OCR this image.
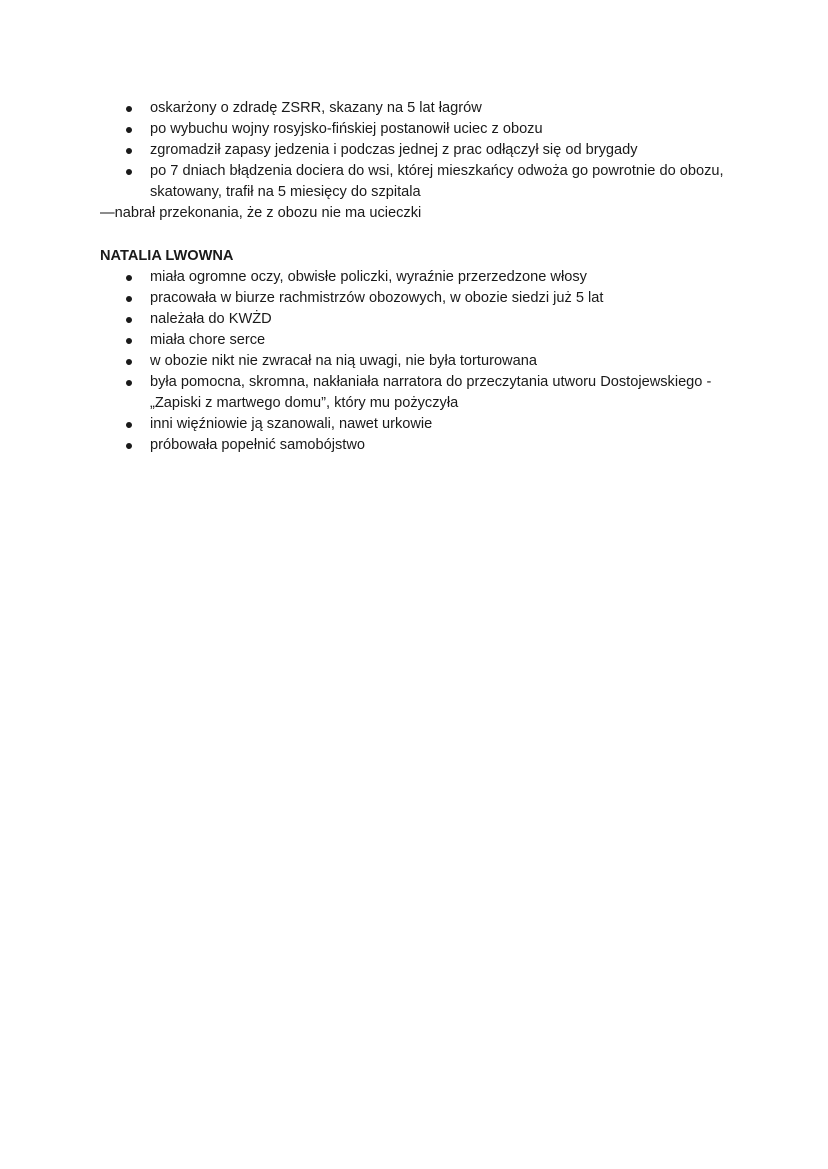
oskarżony o zdradę ZSRR, skazany na 5 lat łagrów
po wybuchu wojny rosyjsko-fińskiej postanowił uciec z obozu
zgromadził zapasy jedzenia i podczas jednej z prac odłączył się od brygady
po 7 dniach błądzenia dociera do wsi, której mieszkańcy odwoża go powrotnie do obozu, skatowany, trafił na 5 miesięcy do szpitala
—nabrał przekonania, że z obozu nie ma ucieczki
NATALIA LWOWNA
miała ogromne oczy, obwisłe policzki, wyraźnie przerzedzone włosy
pracowała w biurze rachmistrzów obozowych, w obozie siedzi już 5 lat
należała do KWŻD
miała chore serce
w obozie nikt nie zwracał na nią uwagi, nie była torturowana
była pomocna, skromna, nakłaniała narratora do przeczytania utworu Dostojewskiego - „Zapiski z martwego domu”, który mu pożyczyła
inni więźniowie ją szanowali, nawet urkowie
próbowała popełnić samobójstwo
